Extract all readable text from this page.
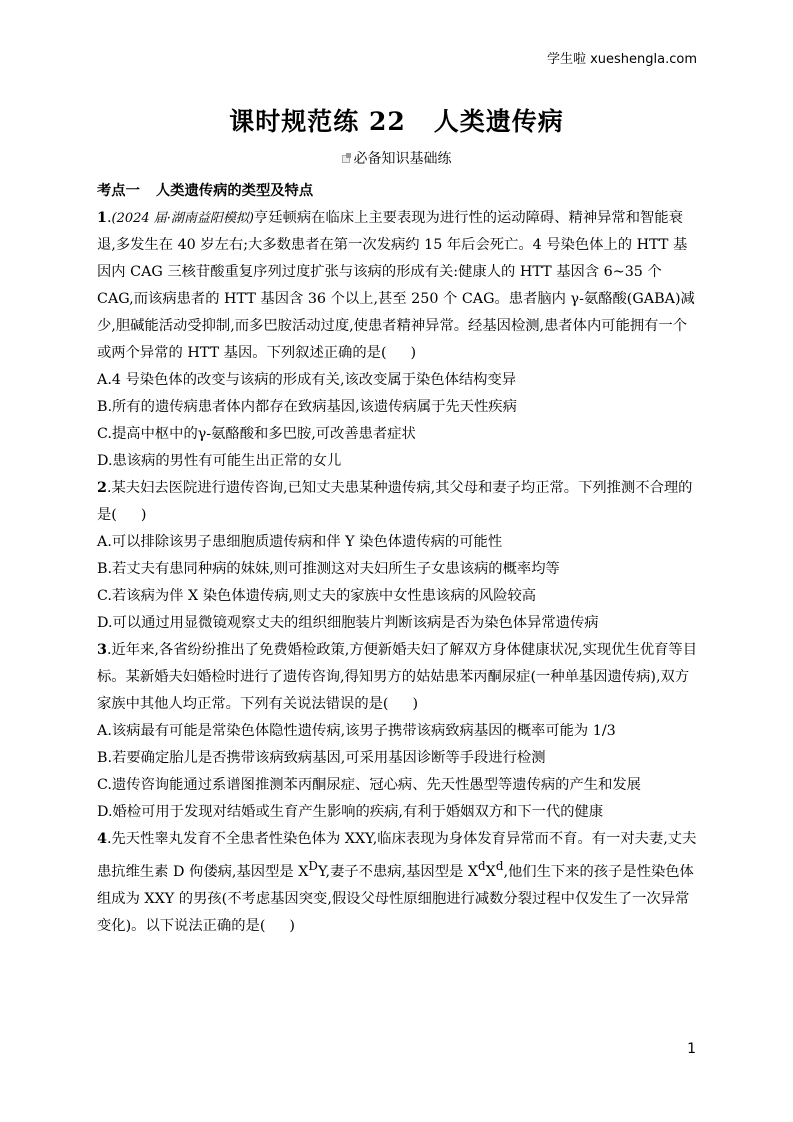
学生啦 xueshengla.com
课时规范练 22 人类遗传病
必备知识基础练

考点一 人类遗传病的类型及特点

1.(2024 届·湖南益阳模拟)亨廷顿病在临床上主要表现为进行性的运动障碍、精神异常和智能衰退,多发生在 40 岁左右;大多数患者在第一次发病约 15 年后会死亡。4 号染色体上的 HTT 基因内 CAG 三核苷酸重复序列过度扩张与该病的形成有关:健康人的 HTT 基因含 6~35 个 CAG,而该病患者的 HTT 基因含 36 个以上,甚至 250 个 CAG。患者脑内 γ-氨酪酸(GABA)减少,胆碱能活动受抑制,而多巴胺活动过度,使患者精神异常。经基因检测,患者体内可能拥有一个或两个异常的 HTT 基因。下列叙述正确的是( )

A.4 号染色体的改变与该病的形成有关,该改变属于染色体结构变异

B.所有的遗传病患者体内都存在致病基因,该遗传病属于先天性疾病

C.提高中枢中的γ-氨酪酸和多巴胺,可改善患者症状

D.患该病的男性有可能生出正常的女儿

2.某夫妇去医院进行遗传咨询,已知丈夫患某种遗传病,其父母和妻子均正常。下列推测不合理的是( )

A.可以排除该男子患细胞质遗传病和伴 Y 染色体遗传病的可能性

B.若丈夫有患同种病的妹妹,则可推测这对夫妇所生子女患该病的概率均等

C.若该病为伴 X 染色体遗传病,则丈夫的家族中女性患该病的风险较高

D.可以通过用显微镜观察丈夫的组织细胞装片判断该病是否为染色体异常遗传病

3.近年来,各省纷纷推出了免费婚检政策,方便新婚夫妇了解双方身体健康状况,实现优生优育等目标。某新婚夫妇婚检时进行了遗传咨询,得知男方的姑姑患苯丙酮尿症(一种单基因遗传病),双方家族中其他人均正常。下列有关说法错误的是( )

A.该病最有可能是常染色体隐性遗传病,该男子携带该病致病基因的概率可能为 1/3

B.若要确定胎儿是否携带该病致病基因,可采用基因诊断等手段进行检测

C.遗传咨询能通过系谱图推测苯丙酮尿症、冠心病、先天性愚型等遗传病的产生和发展

D.婚检可用于发现对结婚或生育产生影响的疾病,有利于婚姻双方和下一代的健康

4.先天性睾丸发育不全患者性染色体为 XXY,临床表现为身体发育异常而不育。有一对夫妻,丈夫患抗维生素 D 佝偻病,基因型是 $X^DY$,妻子不患病,基因型是 $X^dX^d$,他们生下来的孩子是性染色体组成为 XXY 的男孩(不考虑基因突变,假设父母性原细胞进行减数分裂过程中仅发生了一次异常变化)。以下说法正确的是( )

1
